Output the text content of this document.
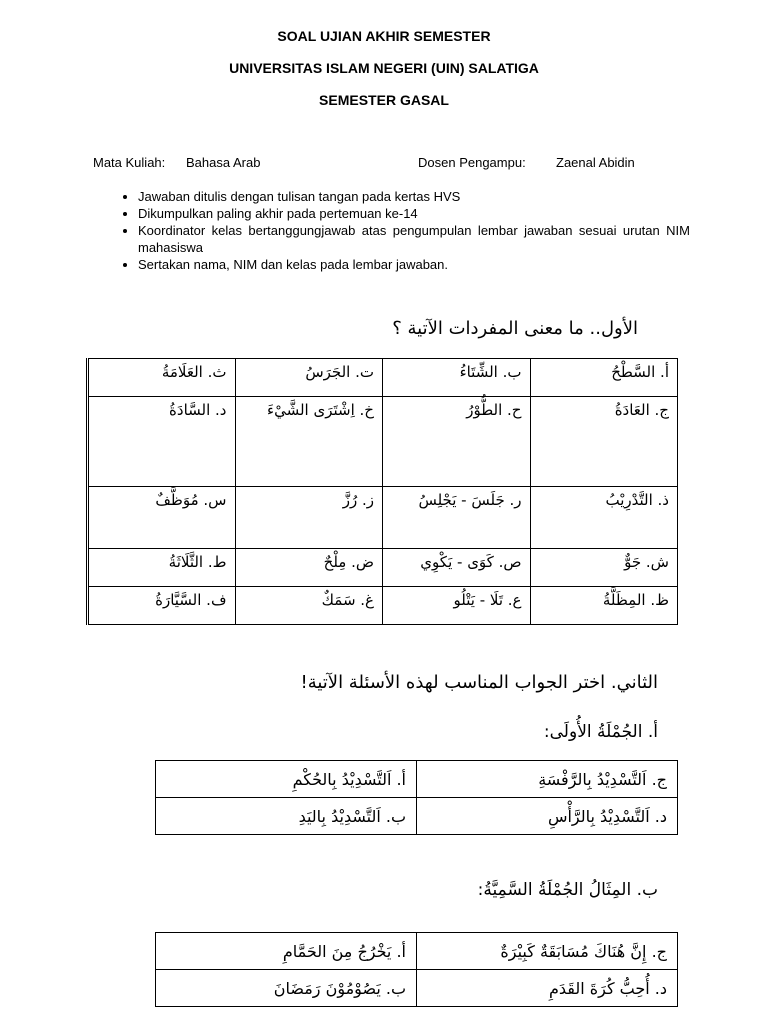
SOAL UJIAN AKHIR SEMESTER
UNIVERSITAS ISLAM NEGERI (UIN) SALATIGA
SEMESTER GASAL
Mata Kuliah: Bahasa Arab	Dosen Pengampu: Zaenal Abidin
• Jawaban ditulis dengan tulisan tangan pada kertas HVS
• Dikumpulkan paling akhir pada pertemuan ke-14
• Koordinator kelas bertanggungjawab atas pengumpulan lembar jawaban sesuai urutan NIM mahasiswa
• Sertakan nama, NIM dan kelas pada lembar jawaban.
الأول.. ما معنى المفردات الآتية ؟
أ. السَّطْحُ	ب. الشِّتَاءُ	ت. الجَرَسُ	ث. العَلَامَةُ
ج. العَادَةُ	ح. الطُّوْرُ	خ. اِشْتَرَى الشَّيْءَ	د. السَّادَةُ
ذ. التَّدْرِيْبُ	ر. جَلَسَ - يَجْلِسُ	ز. رُزَّ	س. مُوَظَّفٌ
ش. جَوٌّ	ص. كَوَى - يَكْوِي	ض. مِلْحٌ	ط. الثَّلَاثَةُ
ظ. المِظَلَّةُ	ع. تَلَا - يَتْلُو	غ. سَمَكٌ	ف. السَّيَّارَةُ
الثاني. اختر الجواب المناسب لهذه الأسئلة الآتية!
أ. الجُمْلَةُ الأُولَى:
ج. اَلتَّسْدِيْدُ بِالرَّفْسَةِ	أ. اَلتَّسْدِيْدُ بِالحُكْمِ
د. اَلتَّسْدِيْدُ بِالرَّأْسِ	ب. اَلتَّسْدِيْدُ بِاليَدِ
ب. المِثَالُ الجُمْلَةُ السَّمِيَّةُ:
ج. إِنَّ هُنَاكَ مُسَابَقَةٌ كَبِيْرَةٌ	أ. يَخْرُجُ مِنَ الحَمَّامِ
د. أُحِبُّ كُرَةَ القَدَمِ	ب. يَصُوْمُوْنَ رَمَضَانَ
